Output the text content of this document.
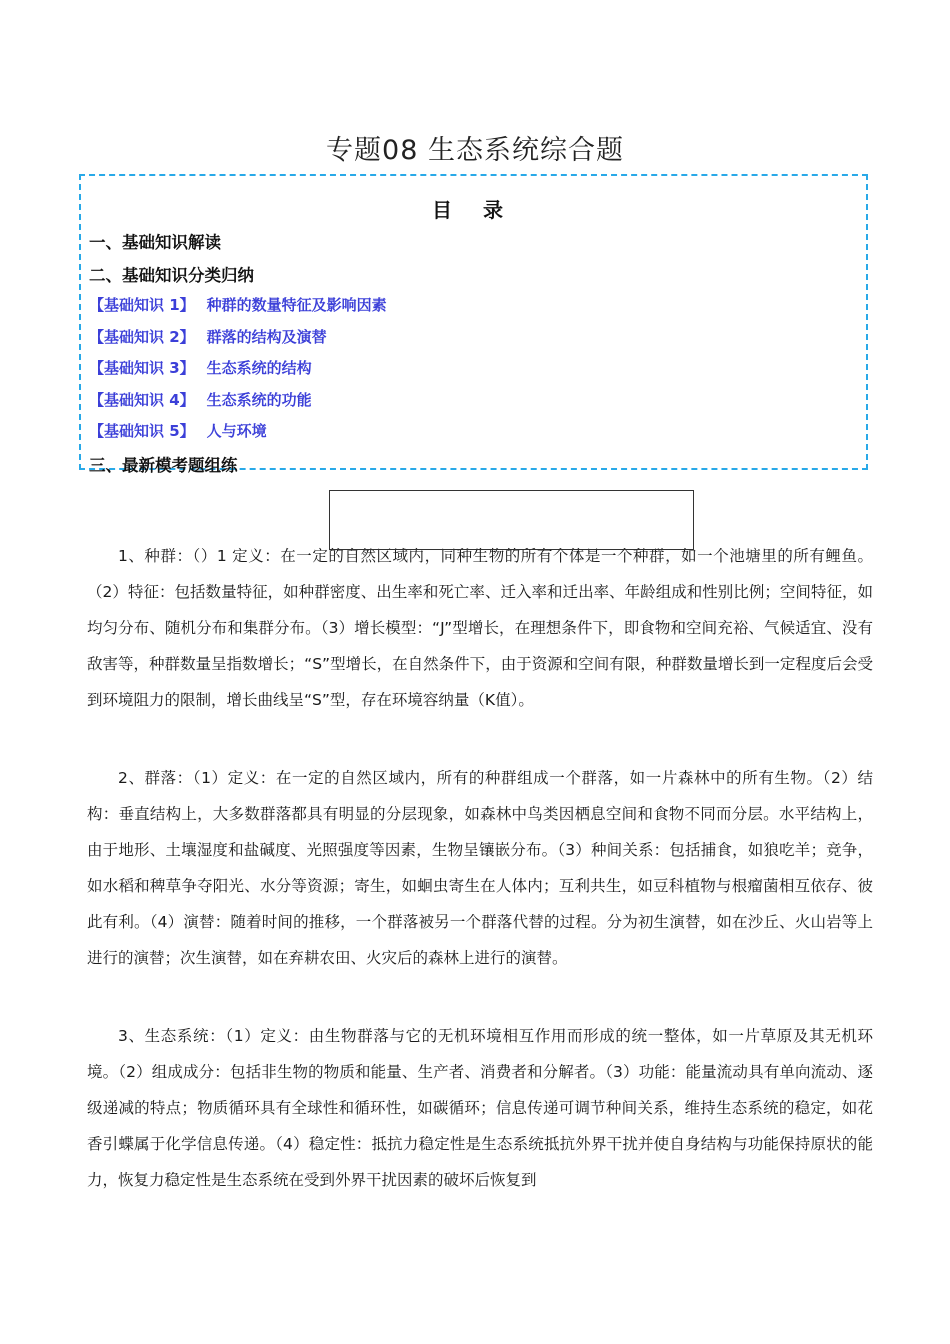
专题08 生态系统综合题
目 录
一、基础知识解读
二、基础知识分类归纳
【基础知识 1】 种群的数量特征及影响因素
【基础知识 2】 群落的结构及演替
【基础知识 3】 生态系统的结构
【基础知识 4】 生态系统的功能
【基础知识 5】 人与环境
三、最新模考题组练

1、种群：（）1 定义：在一定的自然区域内，同种生物的所有个体是一个种群，如一个池塘里的所有鲤鱼。（2）特征：包括数量特征，如种群密度、出生率和死亡率、迁入率和迁出率、年龄组成和性别比例；空间特征，如均匀分布、随机分布和集群分布。（3）增长模型：“J”型增长，在理想条件下，即食物和空间充裕、气候适宜、没有敌害等，种群数量呈指数增长；“S”型增长，在自然条件下，由于资源和空间有限，种群数量增长到一定程度后会受到环境阻力的限制，增长曲线呈“S”型，存在环境容纳量（K值）。

2、群落：（1）定义：在一定的自然区域内，所有的种群组成一个群落，如一片森林中的所有生物。（2）结构：垂直结构上，大多数群落都具有明显的分层现象，如森林中鸟类因栖息空间和食物不同而分层。水平结构上，由于地形、土壤湿度和盐碱度、光照强度等因素，生物呈镶嵌分布。（3）种间关系：包括捕食，如狼吃羊；竞争，如水稻和稗草争夺阳光、水分等资源；寄生，如蛔虫寄生在人体内；互利共生，如豆科植物与根瘤菌相互依存、彼此有利。（4）演替：随着时间的推移，一个群落被另一个群落代替的过程。分为初生演替，如在沙丘、火山岩等上进行的演替；次生演替，如在弃耕农田、火灾后的森林上进行的演替。

3、生态系统：（1）定义：由生物群落与它的无机环境相互作用而形成的统一整体，如一片草原及其无机环境。（2）组成成分：包括非生物的物质和能量、生产者、消费者和分解者。（3）功能：能量流动具有单向流动、逐级递减的特点；物质循环具有全球性和循环性，如碳循环；信息传递可调节种间关系，维持生态系统的稳定，如花香引蝶属于化学信息传递。（4）稳定性：抵抗力稳定性是生态系统抵抗外界干扰并使自身结构与功能保持原状的能力，恢复力稳定性是生态系统在受到外界干扰因素的破坏后恢复到
